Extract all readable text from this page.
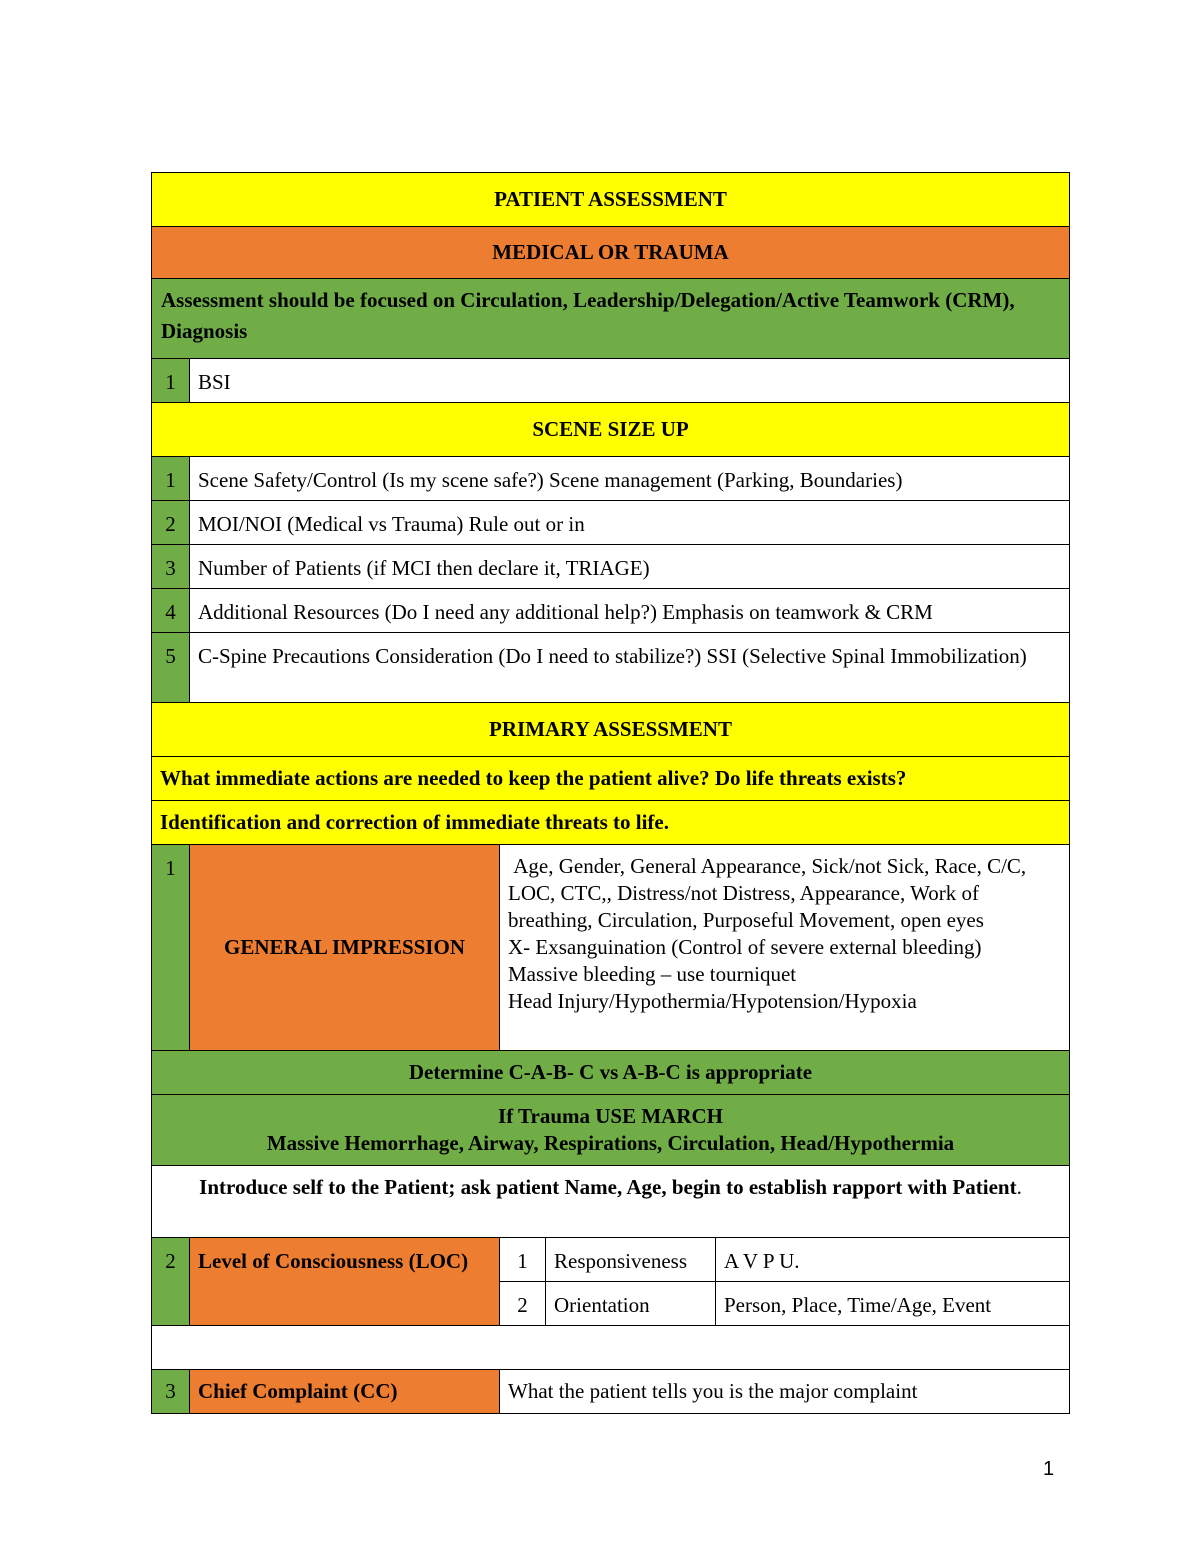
PATIENT ASSESSMENT				
MEDICAL OR TRAUMA				
Assessment should be focused on Circulation, Leadership/Delegation/Active Teamwork (CRM), Diagnosis				
1	BSI			
SCENE SIZE UP				
1	Scene Safety/Control (Is my scene safe?) Scene management (Parking, Boundaries)			
2	MOI/NOI (Medical vs Trauma) Rule out or in			
3	Number of Patients (if MCI then declare it, TRIAGE)			
4	Additional Resources (Do I need any additional help?) Emphasis on teamwork & CRM			
5	C-Spine Precautions Consideration (Do I need to stabilize?) SSI (Selective Spinal Immobilization)			
PRIMARY ASSESSMENT				
What immediate actions are needed to keep the patient alive? Do life threats exists?				
Identification and correction of immediate threats to life.				
1	GENERAL IMPRESSION	Age, Gender, General Appearance, Sick/not Sick, Race, C/C, LOC, CTC,, Distress/not Distress, Appearance, Work of breathing, Circulation, Purposeful Movement, open eyes
X- Exsanguination (Control of severe external bleeding)
Massive bleeding – use tourniquet
Head Injury/Hypothermia/Hypotension/Hypoxia		

Determine C-A-B- C vs A-B-C is appropriate				

If Trauma USE MARCH
Massive Hemorrhage, Airway, Respirations, Circulation, Head/Hypothermia				

Introduce self to the Patient; ask patient Name, Age, begin to establish rapport with Patient.				
2	Level of Consciousness (LOC)	1	Responsiveness	A V P U.
		2	Orientation	Person, Place, Time/Age, Event

3	Chief Complaint (CC)	What the patient tells you is the major complaint		
1
